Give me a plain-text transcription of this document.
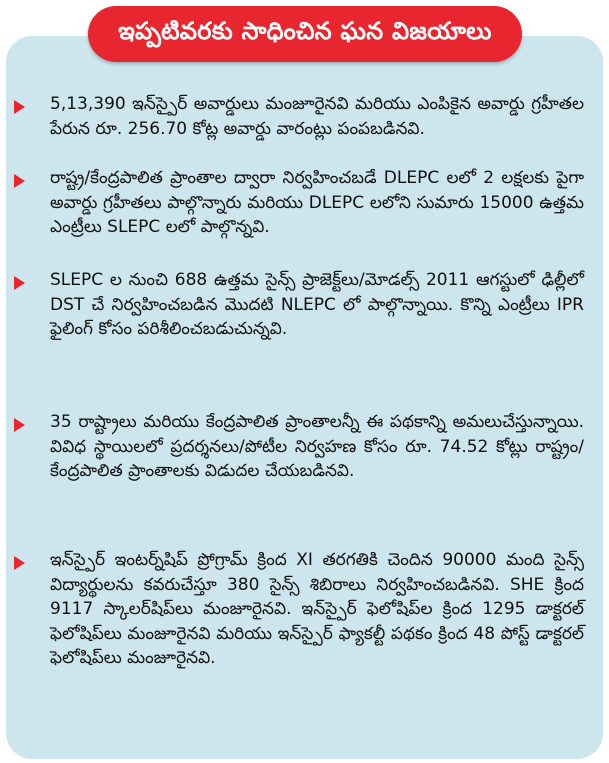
ఇప్పటివరకు సాధించిన ఘన విజయాలు
5,13,390 ఇన్‌స్పైర్ అవార్డులు మంజూరైనవి మరియు ఎంపికైన అవార్డు గ్రహీతల పేరున రూ. 256.70 కోట్ల అవార్డు వారంట్లు పంపబడినవి.
రాష్ట్ర/కేంద్రపాలిత ప్రాంతాల ద్వారా నిర్వహించబడే DLEPC లలో 2 లక్షలకు పైగా అవార్డు గ్రహీతలు పాల్గొన్నారు మరియు DLEPC లలోని సుమారు 15000 ఉత్తమ ఎంట్రీలు SLEPC లలో పాల్గొన్నవి.
SLEPC ల నుంచి 688 ఉత్తమ సైన్స్ ప్రాజెక్ట్‌లు/మోడల్స్ 2011 ఆగస్టులో ఢిల్లీలో DST చే నిర్వహించబడిన మొదటి NLEPC లో పాల్గొన్నాయి. కొన్ని ఎంట్రీలు IPR ఫైలింగ్ కోసం పరిశీలించబడుచున్నవి.
35 రాష్ట్రాలు మరియు కేంద్రపాలిత ప్రాంతాలన్నీ ఈ పథకాన్ని అమలుచేస్తున్నాయి. వివిధ స్థాయిలలో ప్రదర్శనలు/పోటీల నిర్వహణ కోసం రూ. 74.52 కోట్లు రాష్ట్రం/కేంద్రపాలిత ప్రాంతాలకు విడుదల చేయబడినవి.
ఇన్‌స్పైర్ ఇంటర్న్‌షిప్ ప్రోగ్రామ్ క్రింద XI తరగతికి చెందిన 90000 మంది సైన్స్ విద్యార్థులను కవరుచేస్తూ 380 సైన్స్ శిబిరాలు నిర్వహించబడినవి. SHE క్రింద 9117 స్కాలర్‌షిప్‌లు మంజూరైనవి. ఇన్‌స్పైర్ ఫెలోషిప్‌ల క్రింద 1295 డాక్టరల్ ఫెలోషిప్‌లు మంజూరైనవి మరియు ఇన్‌స్పైర్ ఫ్యాకల్టీ పథకం క్రింద 48 పోస్ట్ డాక్టరల్ ఫెలోషిప్‌లు మంజూరైనవి.
